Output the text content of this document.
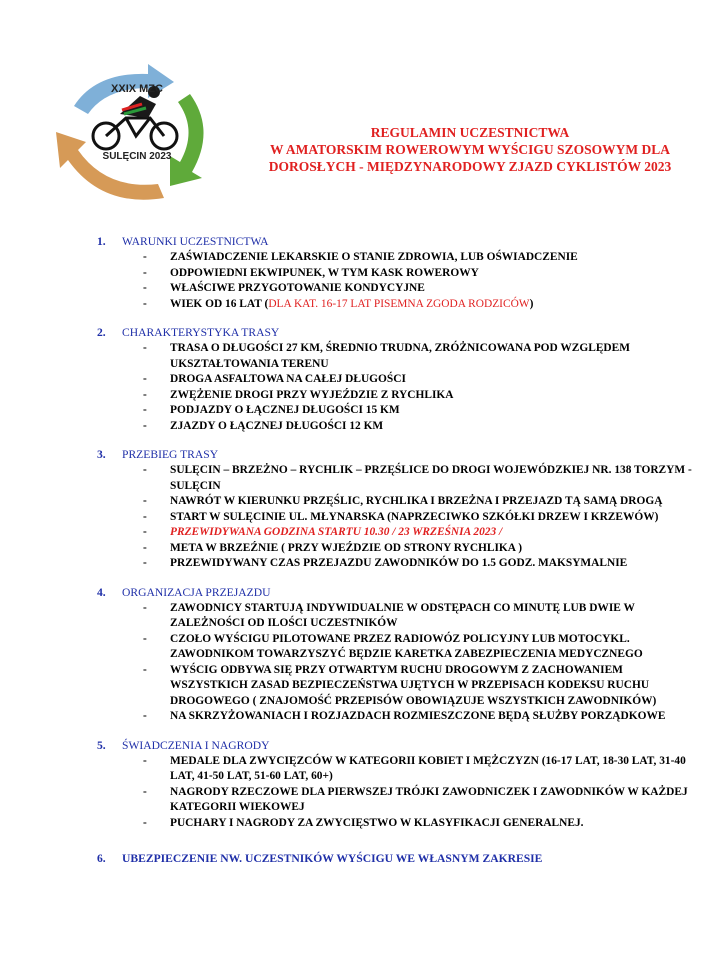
XXIX MZC
SULĘCIN 2023
REGULAMIN UCZESTNICTWA
W AMATORSKIM ROWEROWYM WYŚCIGU SZOSOWYM DLA
DOROSŁYCH - MIĘDZYNARODOWY ZJAZD CYKLISTÓW 2023
1.	WARUNKI UCZESTNICTWA
-	ZAŚWIADCZENIE LEKARSKIE O STANIE ZDROWIA, LUB OŚWIADCZENIE
-	ODPOWIEDNI EKWIPUNEK, W TYM KASK ROWEROWY
-	WŁAŚCIWE PRZYGOTOWANIE KONDYCYJNE
-	WIEK OD 16 LAT (DLA KAT. 16-17 LAT PISEMNA ZGODA RODZICÓW)
2.	CHARAKTERYSTYKA TRASY
-	TRASA O DŁUGOŚCI 27 KM, ŚREDNIO TRUDNA, ZRÓŻNICOWANA POD WZGLĘDEM UKSZTAŁTOWANIA TERENU
-	DROGA ASFALTOWA NA CAŁEJ DŁUGOŚCI
-	ZWĘŻENIE DROGI PRZY WYJEŹDZIE Z RYCHLIKA
-	PODJAZDY O ŁĄCZNEJ DŁUGOŚCI 15 KM
-	ZJAZDY O ŁĄCZNEJ DŁUGOŚCI 12 KM
3.	PRZEBIEG TRASY
-	SULĘCIN – BRZEŻNO – RYCHLIK – PRZĘŚLICE DO DROGI WOJEWÓDZKIEJ NR. 138 TORZYM - SULĘCIN
-	NAWRÓT W KIERUNKU PRZĘŚLIC, RYCHLIKA I BRZEŻNA I PRZEJAZD TĄ SAMĄ DROGĄ
-	START W SULĘCINIE UL. MŁYNARSKA (NAPRZECIWKO SZKÓŁKI DRZEW I KRZEWÓW)
-	PRZEWIDYWANA GODZINA STARTU 10.30 / 23 WRZEŚNIA 2023 /
-	META W BRZEŹNIE ( PRZY WJEŹDZIE OD STRONY RYCHLIKA )
-	PRZEWIDYWANY CZAS PRZEJAZDU ZAWODNIKÓW DO 1.5 GODZ. MAKSYMALNIE
4.	ORGANIZACJA PRZEJAZDU
-	ZAWODNICY STARTUJĄ INDYWIDUALNIE W ODSTĘPACH CO MINUTĘ LUB DWIE W ZALEŻNOŚCI OD ILOŚCI UCZESTNIKÓW
-	CZOŁO WYŚCIGU PILOTOWANE PRZEZ RADIOWÓZ POLICYJNY LUB MOTOCYKL. ZAWODNIKOM TOWARZYSZYĆ BĘDZIE KARETKA ZABEZPIECZENIA MEDYCZNEGO
-	WYŚCIG ODBYWA SIĘ PRZY OTWARTYM RUCHU DROGOWYM Z ZACHOWANIEM WSZYSTKICH ZASAD BEZPIECZEŃSTWA UJĘTYCH W PRZEPISACH KODEKSU RUCHU DROGOWEGO ( ZNAJOMOŚĆ PRZEPISÓW OBOWIĄZUJE WSZYSTKICH ZAWODNIKÓW)
-	NA SKRZYŻOWANIACH I ROZJAZDACH ROZMIESZCZONE BĘDĄ SŁUŻBY PORZĄDKOWE
5.	ŚWIADCZENIA I NAGRODY
-	MEDALE DLA ZWYCIĘZCÓW W KATEGORII KOBIET I MĘŻCZYZN (16-17 LAT, 18-30 LAT, 31-40 LAT, 41-50 LAT, 51-60 LAT, 60+)
-	NAGRODY RZECZOWE DLA PIERWSZEJ TRÓJKI ZAWODNICZEK I ZAWODNIKÓW W KAŻDEJ KATEGORII WIEKOWEJ
-	PUCHARY I NAGRODY ZA ZWYCIĘSTWO W KLASYFIKACJI GENERALNEJ.
6.	UBEZPIECZENIE NW. UCZESTNIKÓW WYŚCIGU WE WŁASNYM ZAKRESIE
